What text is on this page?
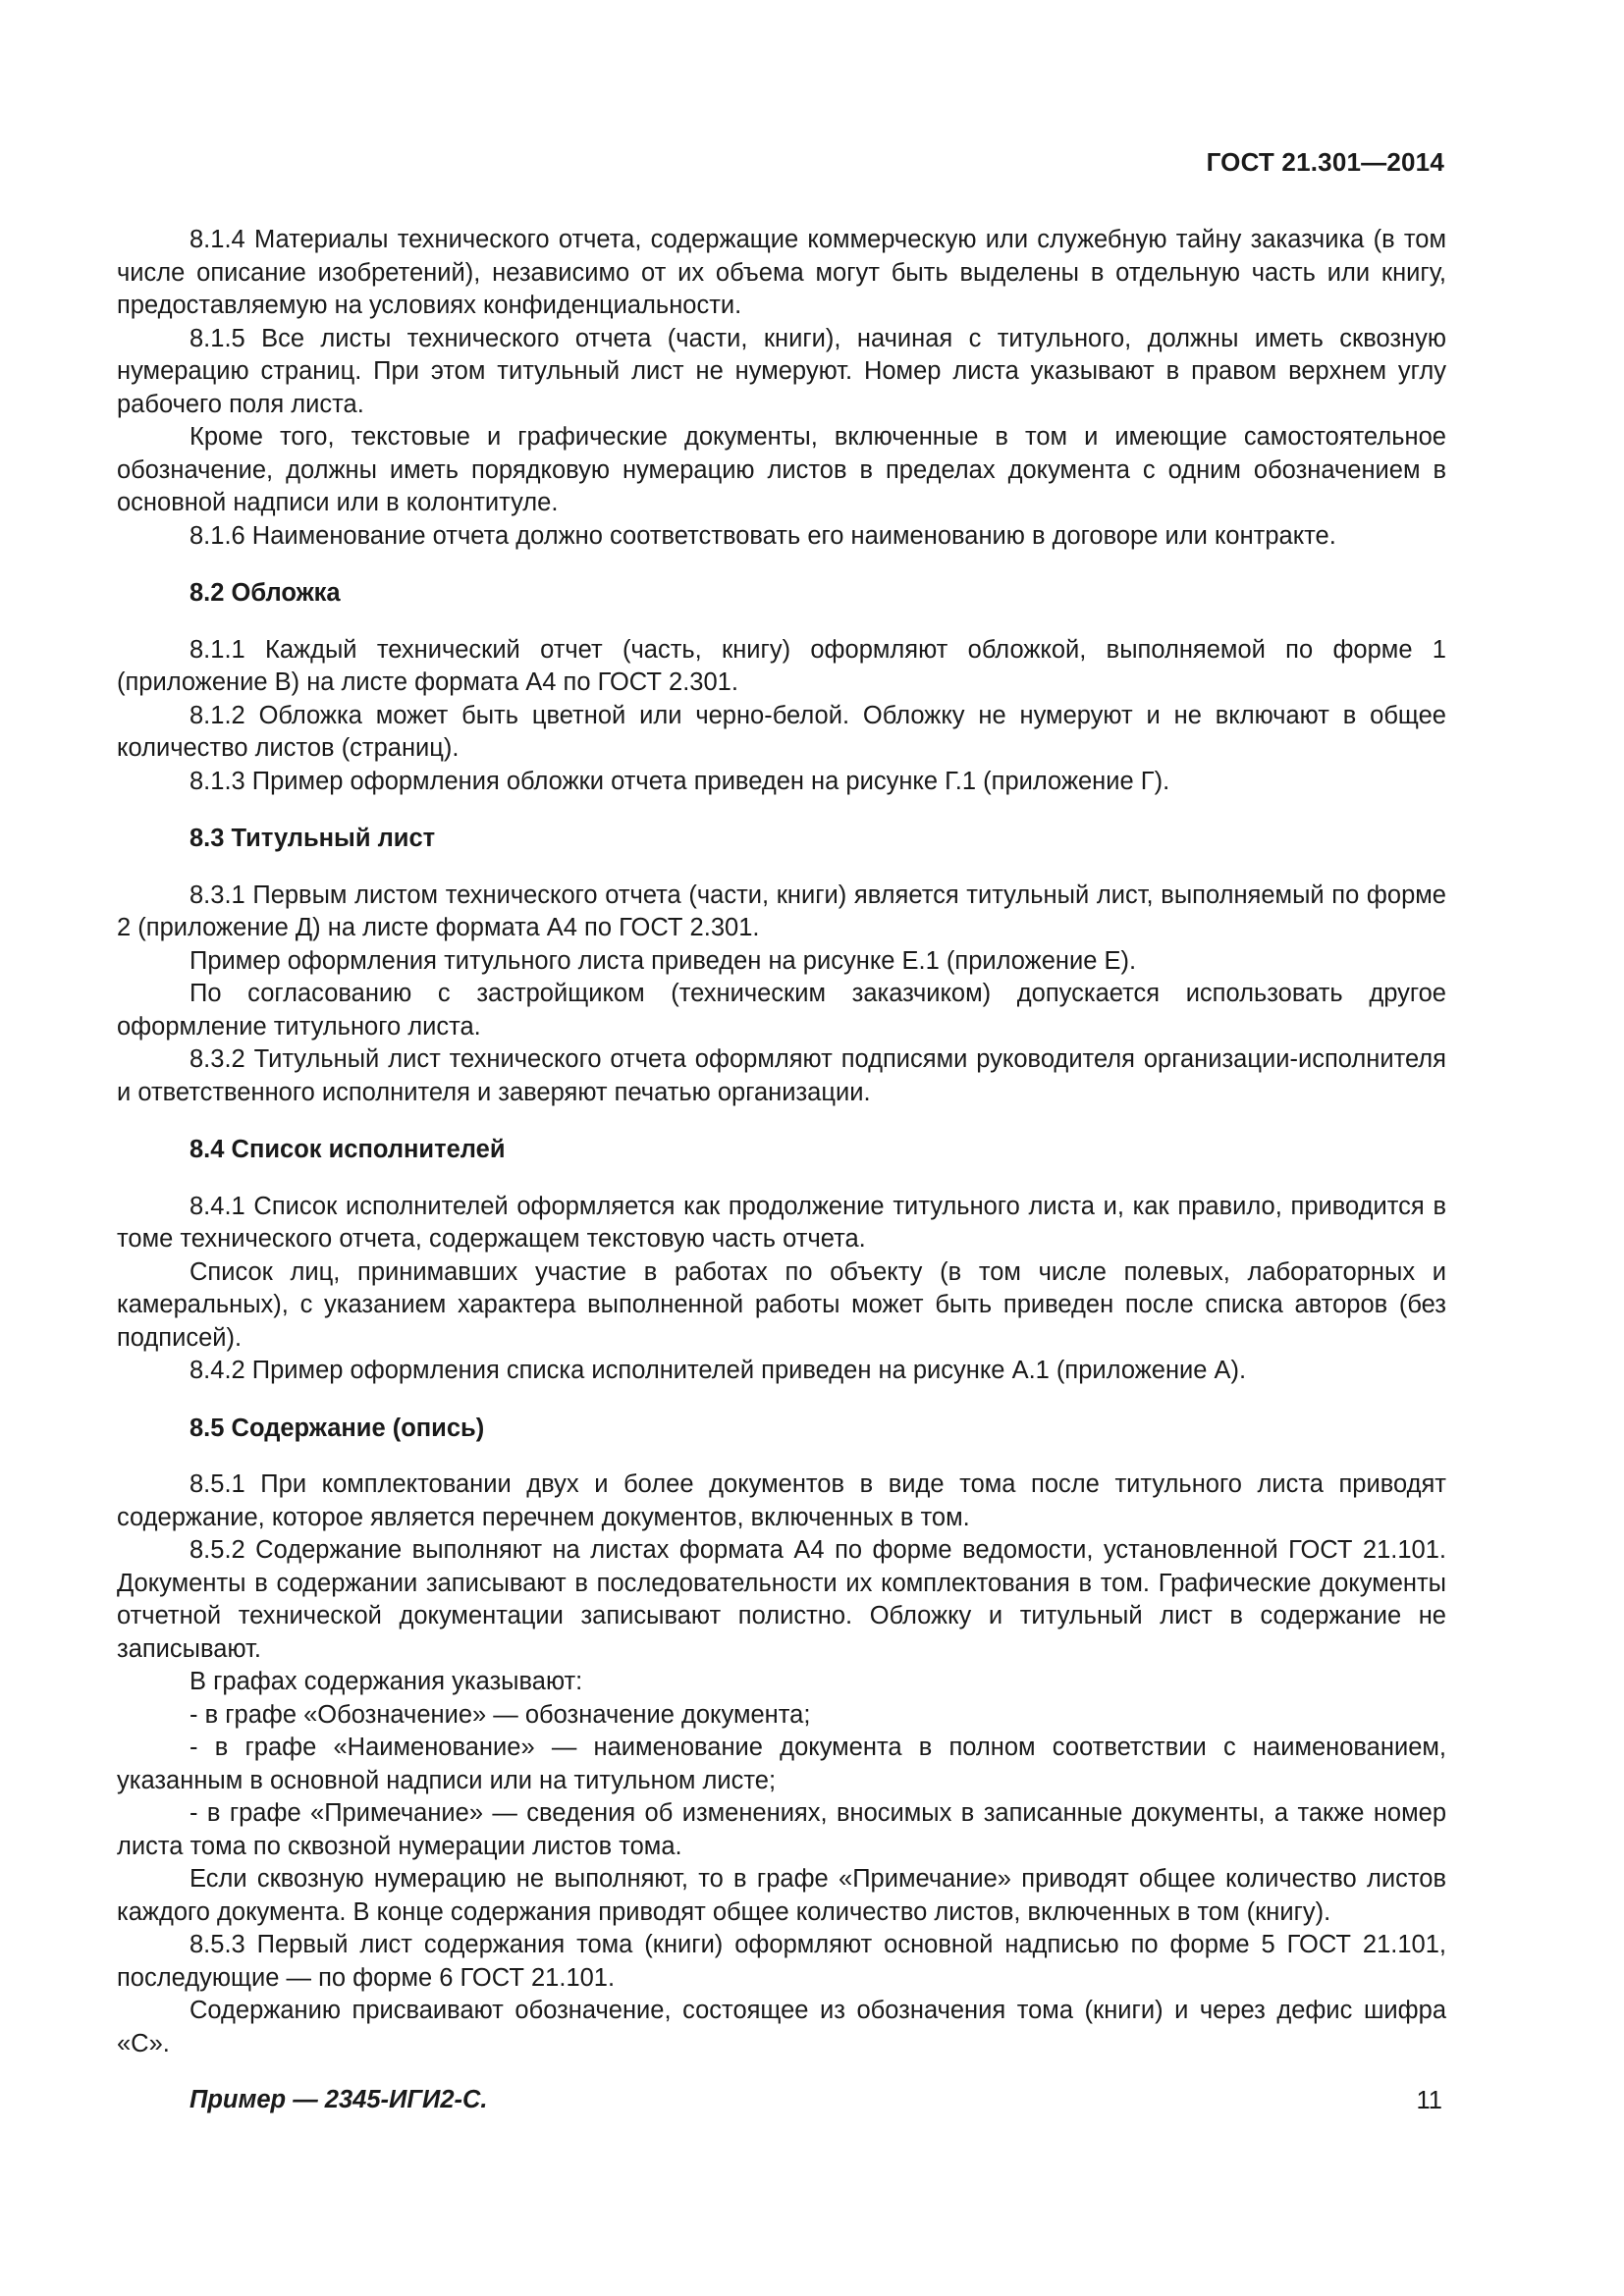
ГОСТ 21.301—2014

8.1.4 Материалы технического отчета, содержащие коммерческую или служебную тайну заказчика (в том числе описание изобретений), независимо от их объема могут быть выделены в отдельную часть или книгу, предоставляемую на условиях конфиденциальности.

8.1.5 Все листы технического отчета (части, книги), начиная с титульного, должны иметь сквозную нумерацию страниц. При этом титульный лист не нумеруют. Номер листа указывают в правом верхнем углу рабочего поля листа.

Кроме того, текстовые и графические документы, включенные в том и имеющие самостоятельное обозначение, должны иметь порядковую нумерацию листов в пределах документа с одним обозначением в основной надписи или в колонтитуле.

8.1.6 Наименование отчета должно соответствовать его наименованию в договоре или контракте.

8.2 Обложка

8.1.1 Каждый технический отчет (часть, книгу) оформляют обложкой, выполняемой по форме 1 (приложение В) на листе формата А4 по ГОСТ 2.301.

8.1.2 Обложка может быть цветной или черно-белой. Обложку не нумеруют и не включают в общее количество листов (страниц).

8.1.3 Пример оформления обложки отчета приведен на рисунке Г.1 (приложение Г).

8.3 Титульный лист

8.3.1 Первым листом технического отчета (части, книги) является титульный лист, выполняемый по форме 2 (приложение Д) на листе формата А4 по ГОСТ 2.301.

Пример оформления титульного листа приведен на рисунке Е.1 (приложение Е).

По согласованию с застройщиком (техническим заказчиком) допускается использовать другое оформление титульного листа.

8.3.2 Титульный лист технического отчета оформляют подписями руководителя организации-исполнителя и ответственного исполнителя и заверяют печатью организации.

8.4 Список исполнителей

8.4.1 Список исполнителей оформляется как продолжение титульного листа и, как правило, приводится в томе технического отчета, содержащем текстовую часть отчета.

Список лиц, принимавших участие в работах по объекту (в том числе полевых, лабораторных и камеральных), с указанием характера выполненной работы может быть приведен после списка авторов (без подписей).

8.4.2 Пример оформления списка исполнителей приведен на рисунке А.1 (приложение А).

8.5 Содержание (опись)

8.5.1 При комплектовании двух и более документов в виде тома после титульного листа приводят содержание, которое является перечнем документов, включенных в том.

8.5.2 Содержание выполняют на листах формата А4 по форме ведомости, установленной ГОСТ 21.101. Документы в содержании записывают в последовательности их комплектования в том. Графические документы отчетной технической документации записывают полистно. Обложку и титульный лист в содержание не записывают.

В графах содержания указывают:

- в графе «Обозначение» — обозначение документа;

- в графе «Наименование» — наименование документа в полном соответствии с наименованием, указанным в основной надписи или на титульном листе;

- в графе «Примечание» — сведения об изменениях, вносимых в записанные документы, а также номер листа тома по сквозной нумерации листов тома.

Если сквозную нумерацию не выполняют, то в графе «Примечание» приводят общее количество листов каждого документа. В конце содержания приводят общее количество листов, включенных в том (книгу).

8.5.3 Первый лист содержания тома (книги) оформляют основной надписью по форме 5 ГОСТ 21.101, последующие — по форме 6 ГОСТ 21.101.

Содержанию присваивают обозначение, состоящее из обозначения тома (книги) и через дефис шифра «С».

Пример — 2345-ИГИ2-С.	11
